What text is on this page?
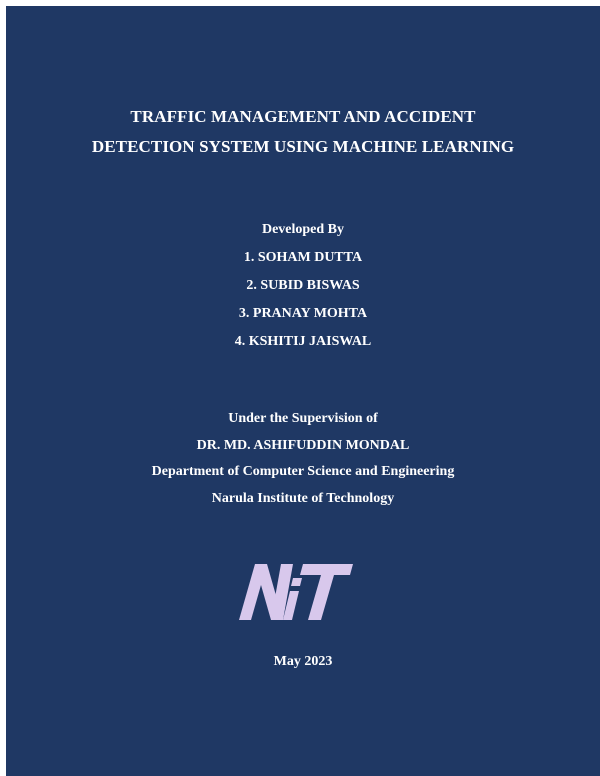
TRAFFIC MANAGEMENT AND ACCIDENT
DETECTION SYSTEM USING MACHINE LEARNING
Developed By
1. SOHAM DUTTA
2. SUBID BISWAS
3. PRANAY MOHTA
4. KSHITIJ JAISWAL
Under the Supervision of
DR. MD. ASHIFUDDIN MONDAL
Department of Computer Science and Engineering
Narula Institute of Technology
May 2023
